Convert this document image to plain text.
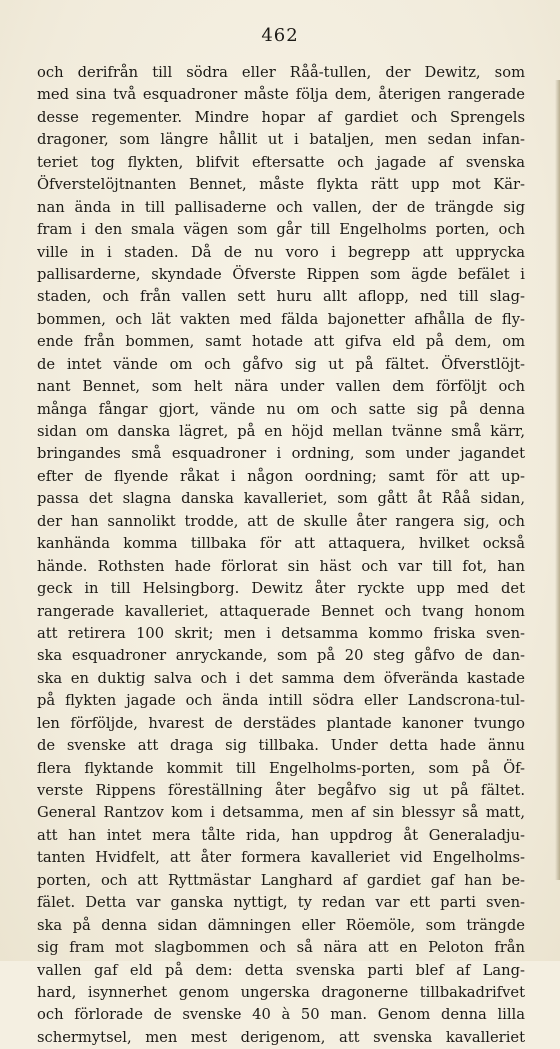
462
och derifrån till södra eller Råå-tullen, der Dewitz, som
med sina två esquadroner måste följa dem, återigen rangerade
desse regementer. Mindre hopar af gardiet och Sprengels
dragoner, som längre hållit ut i bataljen, men sedan infan-
teriet tog flykten, blifvit eftersatte och jagade af svenska
Öfverstelöjtnanten Bennet, måste flykta rätt upp mot Kär-
nan ända in till pallisaderne och vallen, der de trängde sig
fram i den smala vägen som går till Engelholms porten, och
ville in i staden. Då de nu voro i begrepp att upprycka
pallisarderne, skyndade Öfverste Rippen som ägde befälet i
staden, och från vallen sett huru allt aflopp, ned till slag-
bommen, och lät vakten med fälda bajonetter afhålla de fly-
ende från bommen, samt hotade att gifva eld på dem, om
de intet vände om och gåfvo sig ut på fältet. Öfverstlöjt-
nant Bennet, som helt nära under vallen dem förföljt och
många fångar gjort, vände nu om och satte sig på denna
sidan om danska lägret, på en höjd mellan tvänne små kärr,
bringandes små esquadroner i ordning, som under jagandet
efter de flyende råkat i någon oordning; samt för att up-
passa det slagna danska kavalleriet, som gått åt Råå sidan,
der han sannolikt trodde, att de skulle åter rangera sig, och
kanhända komma tillbaka för att attaquera, hvilket också
hände. Rothsten hade förlorat sin häst och var till fot, han
geck in till Helsingborg. Dewitz åter ryckte upp med det
rangerade kavalleriet, attaquerade Bennet och tvang honom
att retirera 100 skrit; men i detsamma kommo friska sven-
ska esquadroner anryckande, som på 20 steg gåfvo de dan-
ska en duktig salva och i det samma dem öfverända kastade
på flykten jagade och ända intill södra eller Landscrona-tul-
len förföljde, hvarest de derstädes plantade kanoner tvungo
de svenske att draga sig tillbaka. Under detta hade ännu
flera flyktande kommit till Engelholms-porten, som på Öf-
verste Rippens föreställning åter begåfvo sig ut på fältet.
General Rantzov kom i detsamma, men af sin blessyr så matt,
att han intet mera tålte rida, han uppdrog åt Generaladju-
tanten Hvidfelt, att åter formera kavalleriet vid Engelholms-
porten, och att Ryttmästar Langhard af gardiet gaf han be-
fälet. Detta var ganska nyttigt, ty redan var ett parti sven-
ska på denna sidan dämningen eller Röemöle, som trängde
sig fram mot slagbommen och så nära att en Peloton från
vallen gaf eld på dem: detta svenska parti blef af Lang-
hard, isynnerhet genom ungerska dragonerne tillbakadrifvet
och förlorade de svenske 40 à 50 man. Genom denna lilla
schermytsel, men mest derigenom, att svenska kavalleriet
